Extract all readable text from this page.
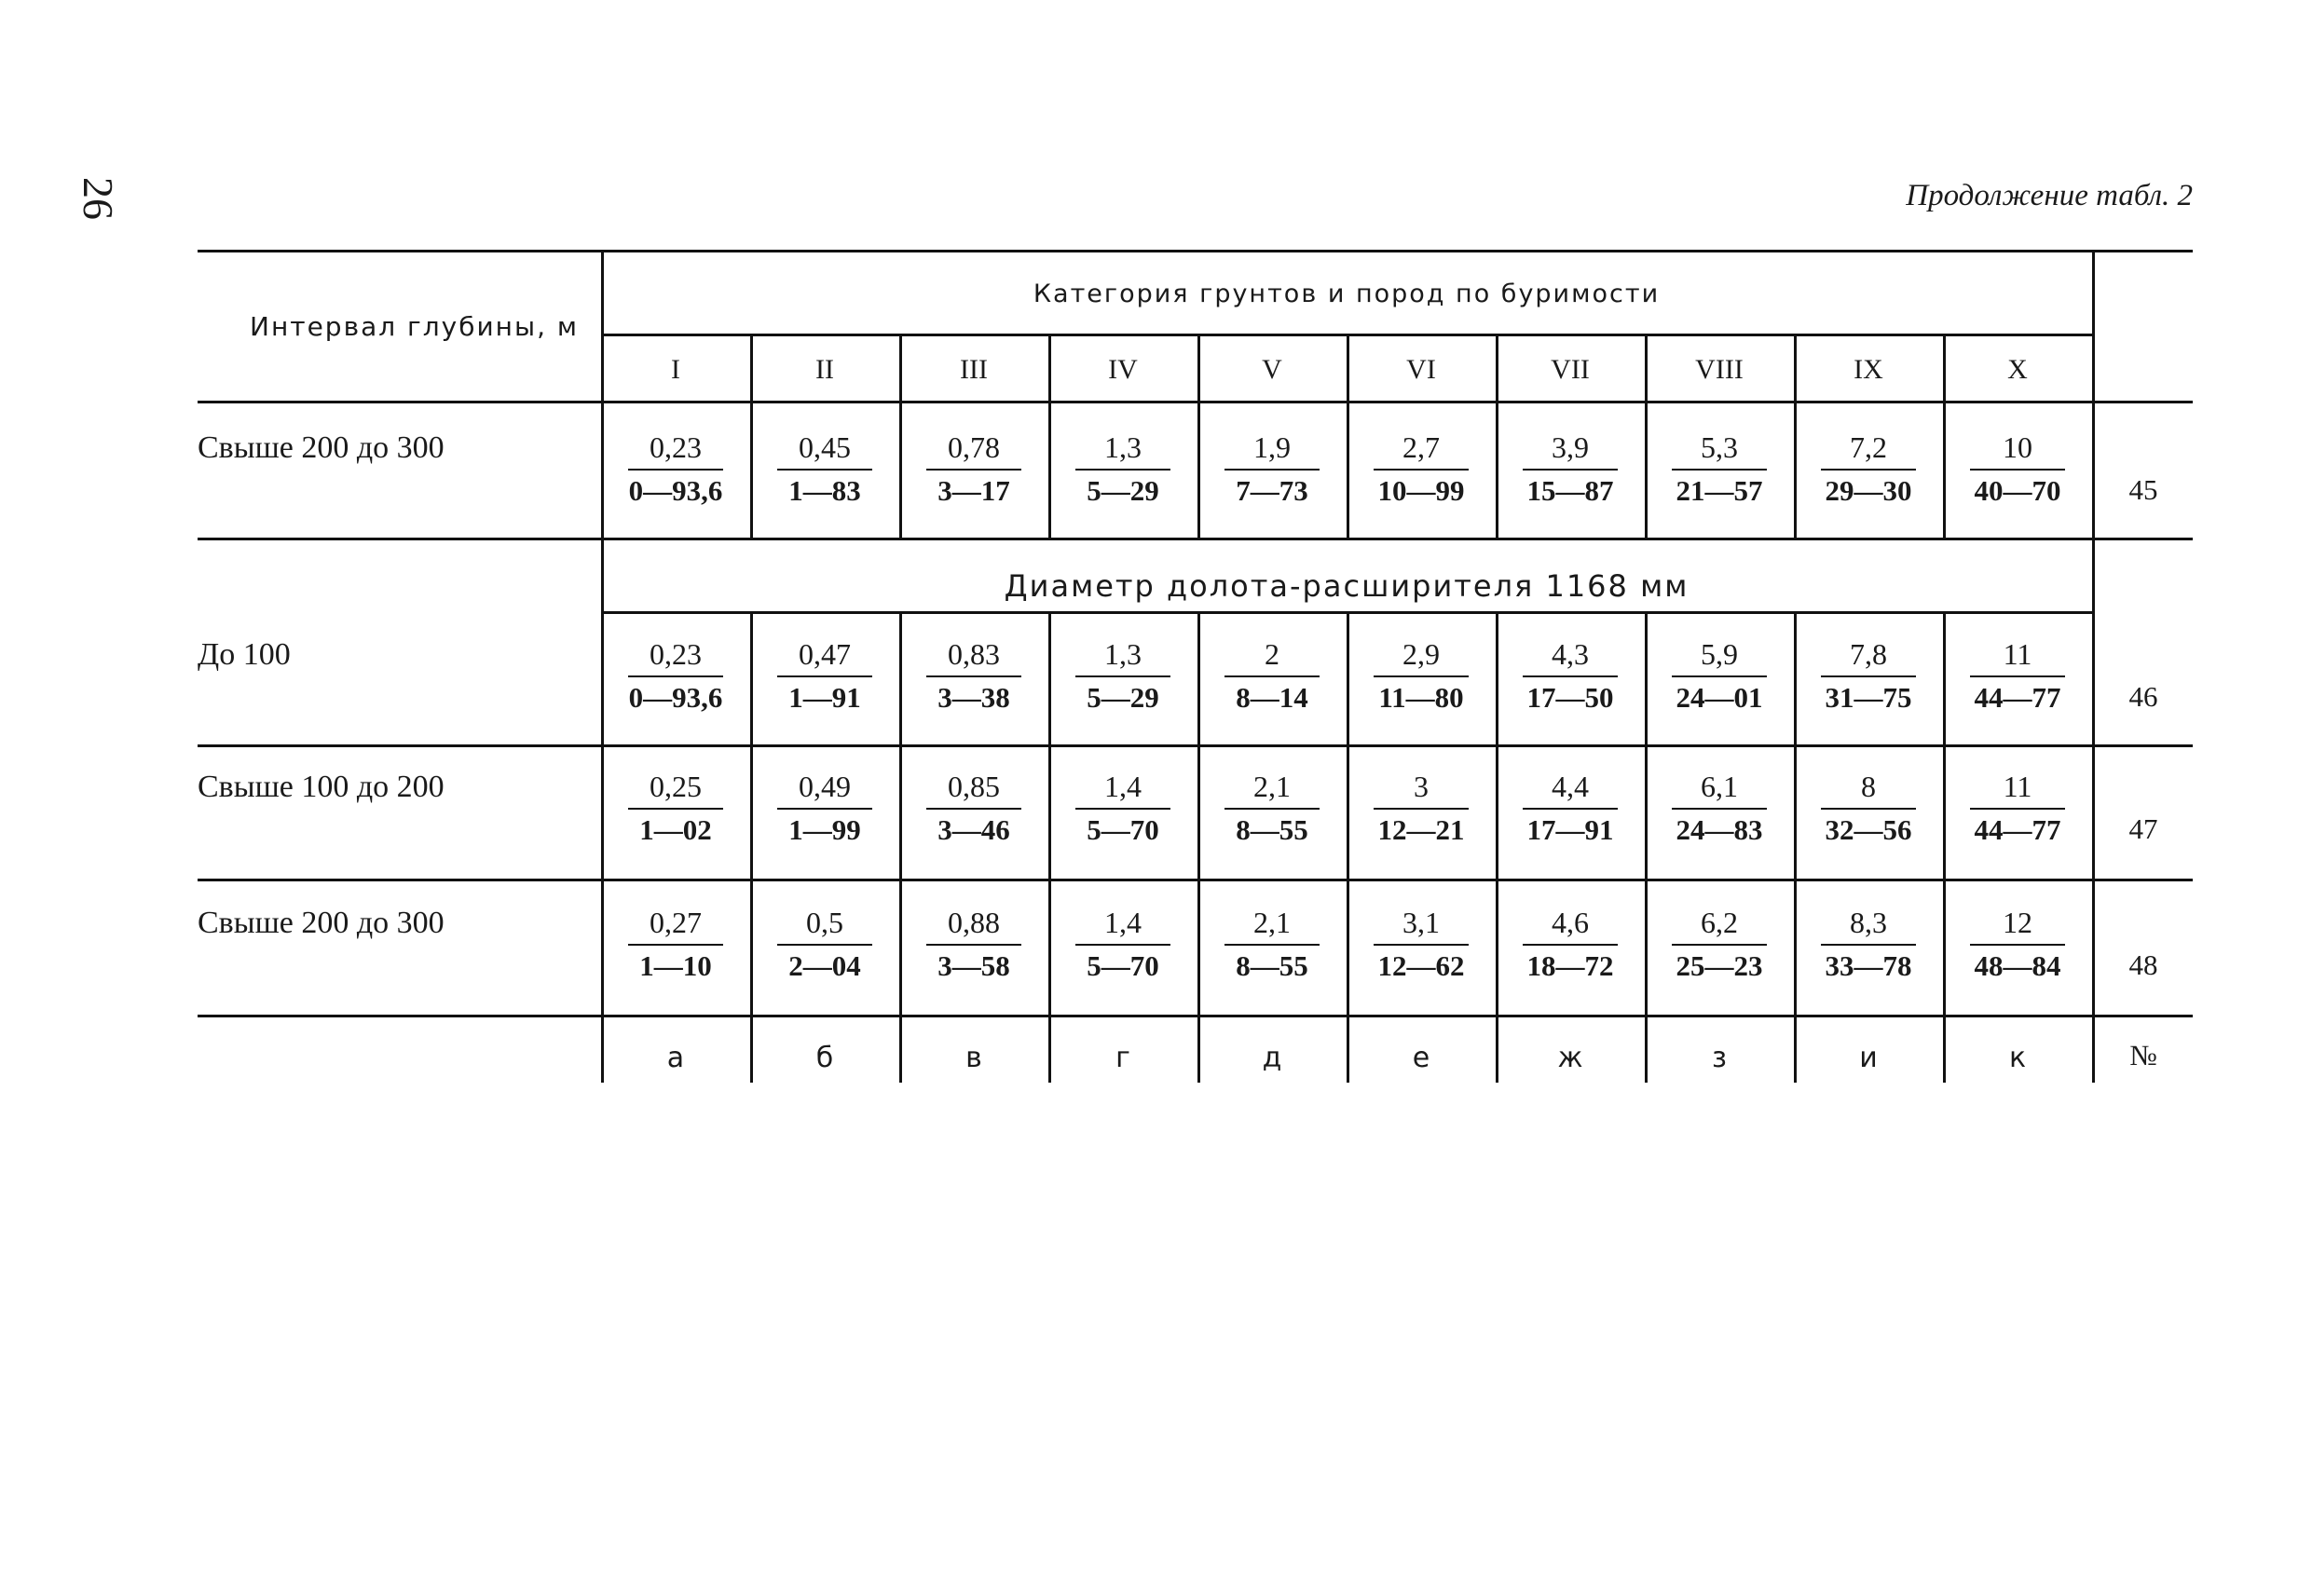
26	Продолжение табл. 2
Интервал глубины, м
Категория грунтов и пород по буримости
I	II	III	IV	V	VI	VII	VIII	IX	X
Свыше 200 до 300	$\frac{0,23}{0—93,6} \frac{0,45}{1—83} \frac{0,78}{3—17} \frac{1,3}{5—29} \frac{1,9}{7—73} \frac{2,7}{10—99} \frac{3,9}{15—87} \frac{5,3}{21—57} \frac{7,2}{29—30} \frac{10}{40—70}$	45
Диаметр долота-расширителя 1168 мм
До 100	$\frac{0,23}{0—93,6} \frac{0,47}{1—91} \frac{0,83}{3—38} \frac{1,3}{5—29} \frac{2}{8—14} \frac{2,9}{11—80} \frac{4,3}{17—50} \frac{5,9}{24—01} \frac{7,8}{31—75} \frac{11}{44—77}$	46
Свыше 100 до 200	$\frac{0,25}{1—02} \frac{0,49}{1—99} \frac{0,85}{3—46} \frac{1,4}{5—70} \frac{2,1}{8—55} \frac{3}{12—21} \frac{4,4}{17—91} \frac{6,1}{24—83} \frac{8}{32—56} \frac{11}{44—77}$	47
Свыше 200 до 300	$\frac{0,27}{1—10} \frac{0,5}{2—04} \frac{0,88}{3—58} \frac{1,4}{5—70} \frac{2,1}{8—55} \frac{3,1}{12—62} \frac{4,6}{18—72} \frac{6,2}{25—23} \frac{8,3}{33—78} \frac{12}{48—84}$	48
а	б	в	г	д	е	ж	з	и	к	№
